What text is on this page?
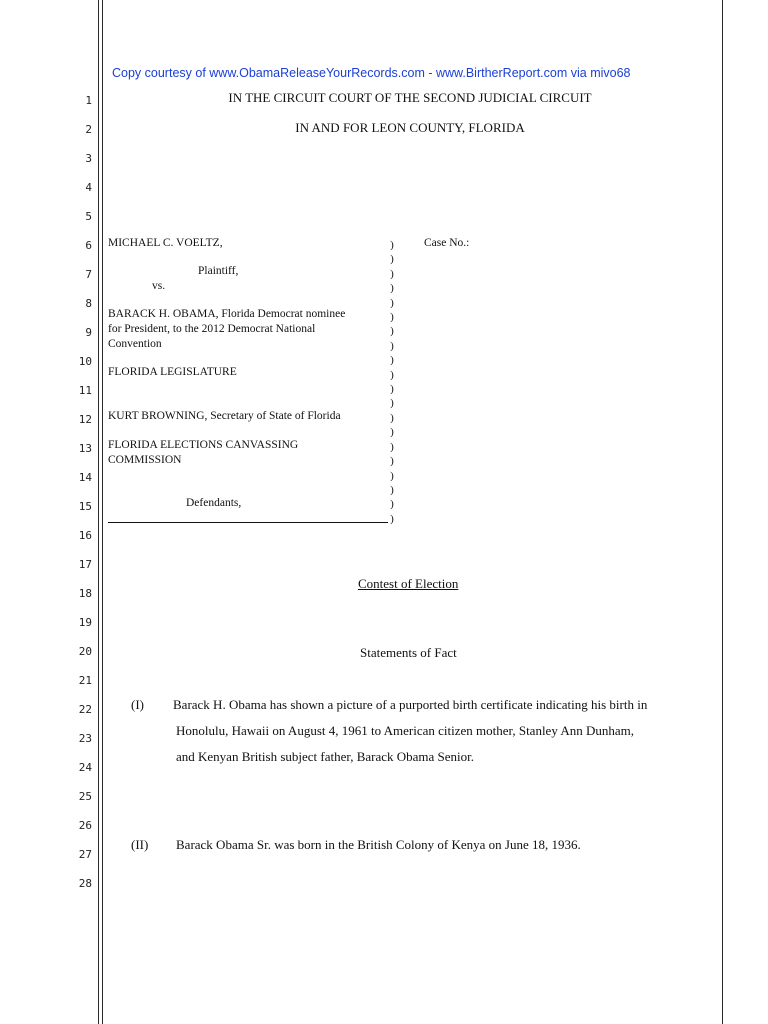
Copy courtesy of www.ObamaReleaseYourRecords.com - www.BirtherReport.com via mivo68
IN THE CIRCUIT COURT OF THE SECOND JUDICIAL CIRCUIT
IN AND FOR LEON COUNTY, FLORIDA
1
2
3
4
5
6
7
8
9
10
11
12
13
14
15
16
17
18
19
20
21
22
23
24
25
26
27
28
MICHAEL C. VOELTZ,
Plaintiff,
vs.
BARACK H. OBAMA, Florida Democrat nominee
for President, to the 2012 Democrat National
Convention
FLORIDA LEGISLATURE
KURT BROWNING, Secretary of State of Florida
FLORIDA ELECTIONS CANVASSING
COMMISSION
Defendants,
)
)
)
)
)
)
)
)
)
)
)
)
)
)
)
)
)
)
)
)
Case No.:
Contest of Election
Statements of Fact
(I) Barack H. Obama has shown a picture of a purported birth certificate indicating his birth in
Honolulu, Hawaii on August 4, 1961 to American citizen mother, Stanley Ann Dunham,
and Kenyan British subject father, Barack Obama Senior.
(II) Barack Obama Sr. was born in the British Colony of Kenya on June 18, 1936.
